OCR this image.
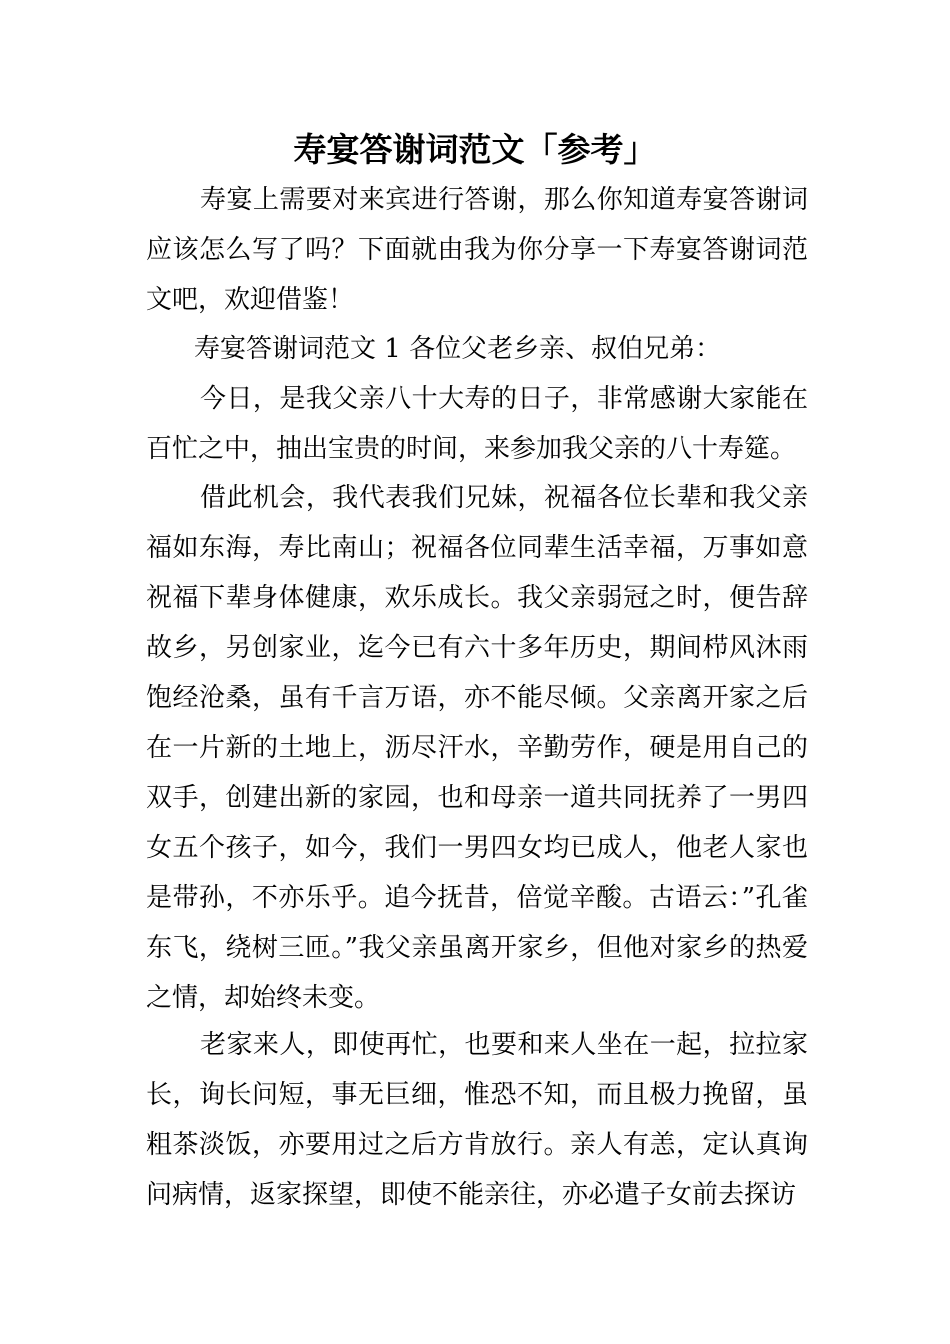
寿宴答谢词范文「参考」

寿宴上需要对来宾进行答谢，那么你知道寿宴答谢词应该怎么写了吗？下面就由我为你分享一下寿宴答谢词范文吧，欢迎借鉴！

寿宴答谢词范文 1 各位父老乡亲、叔伯兄弟：

今日，是我父亲八十大寿的日子，非常感谢大家能在百忙之中，抽出宝贵的时间，来参加我父亲的八十寿筵。

借此机会，我代表我们兄妹，祝福各位长辈和我父亲福如东海，寿比南山；祝福各位同辈生活幸福，万事如意祝福下辈身体健康，欢乐成长。我父亲弱冠之时，便告辞故乡，另创家业，迄今已有六十多年历史，期间栉风沐雨饱经沧桑，虽有千言万语，亦不能尽倾。父亲离开家之后在一片新的土地上，沥尽汗水，辛勤劳作，硬是用自己的双手，创建出新的家园，也和母亲一道共同抚养了一男四女五个孩子，如今，我们一男四女均已成人，他老人家也是带孙，不亦乐乎。追今抚昔，倍觉辛酸。古语云：”孔雀东飞，绕树三匝。”我父亲虽离开家乡，但他对家乡的热爱之情，却始终未变。

老家来人，即使再忙，也要和来人坐在一起，拉拉家长，询长问短，事无巨细，惟恐不知，而且极力挽留，虽粗茶淡饭，亦要用过之后方肯放行。亲人有恙，定认真询问病情，返家探望，即使不能亲往，亦必遣子女前去探访
